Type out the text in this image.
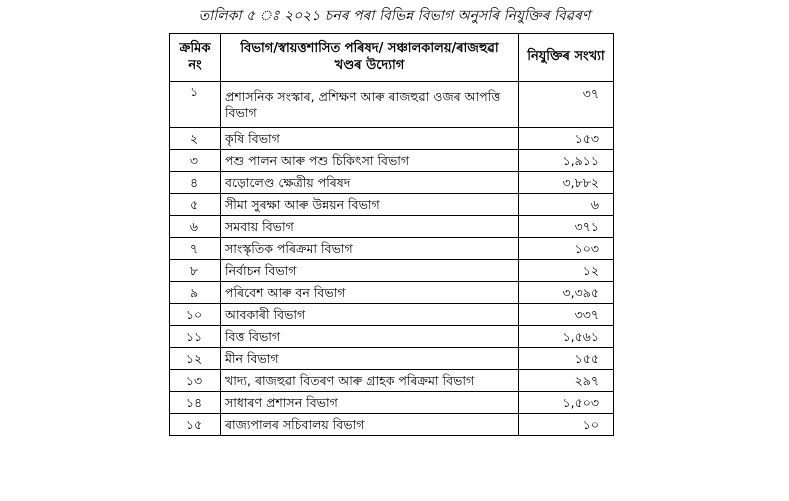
তালিকা ৫ ঃ ২০২১ চনৰ পৰা বিভিন্ন বিভাগ অনুসৰি নিযুক্তিৰ বিৱৰণ
ক্ৰমিক নং	বিভাগ/স্বায়ত্তশাসিত পৰিষদ/ সঞ্চালকালয়/ৰাজহুৱা খণ্ডৰ উদ্যোগ	নিযুক্তিৰ সংখ্যা
১	প্ৰশাসনিক সংস্কাৰ, প্ৰশিক্ষণ আৰু ৰাজহুৱা ওজৰ আপত্তি বিভাগ	৩৭
২	কৃষি বিভাগ	১৫৩
৩	পশু পালন আৰু পশু চিকিৎসা বিভাগ	১,৯১১
৪	বড়োলেণ্ড ক্ষেত্ৰীয় পৰিষদ	৩,৮৮২
৫	সীমা সুৰক্ষা আৰু উন্নয়ন বিভাগ	৬
৬	সমবায় বিভাগ	৩৭১
৭	সাংস্কৃতিক পৰিক্ৰমা বিভাগ	১০৩
৮	নিৰ্বাচন বিভাগ	১২
৯	পৰিবেশ আৰু বন বিভাগ	৩,৩৯৫
১০	আবকাৰী বিভাগ	৩৩৭
১১	বিত্ত বিভাগ	১,৫৬১
১২	মীন বিভাগ	১৫৫
১৩	খাদ্য, ৰাজহুৱা বিতৰণ আৰু গ্ৰাহক পৰিক্ৰমা বিভাগ	২৯৭
১৪	সাধাৰণ প্ৰশাসন বিভাগ	১,৫০৩
১৫	ৰাজ্যপালৰ সচিবালয় বিভাগ	১০
